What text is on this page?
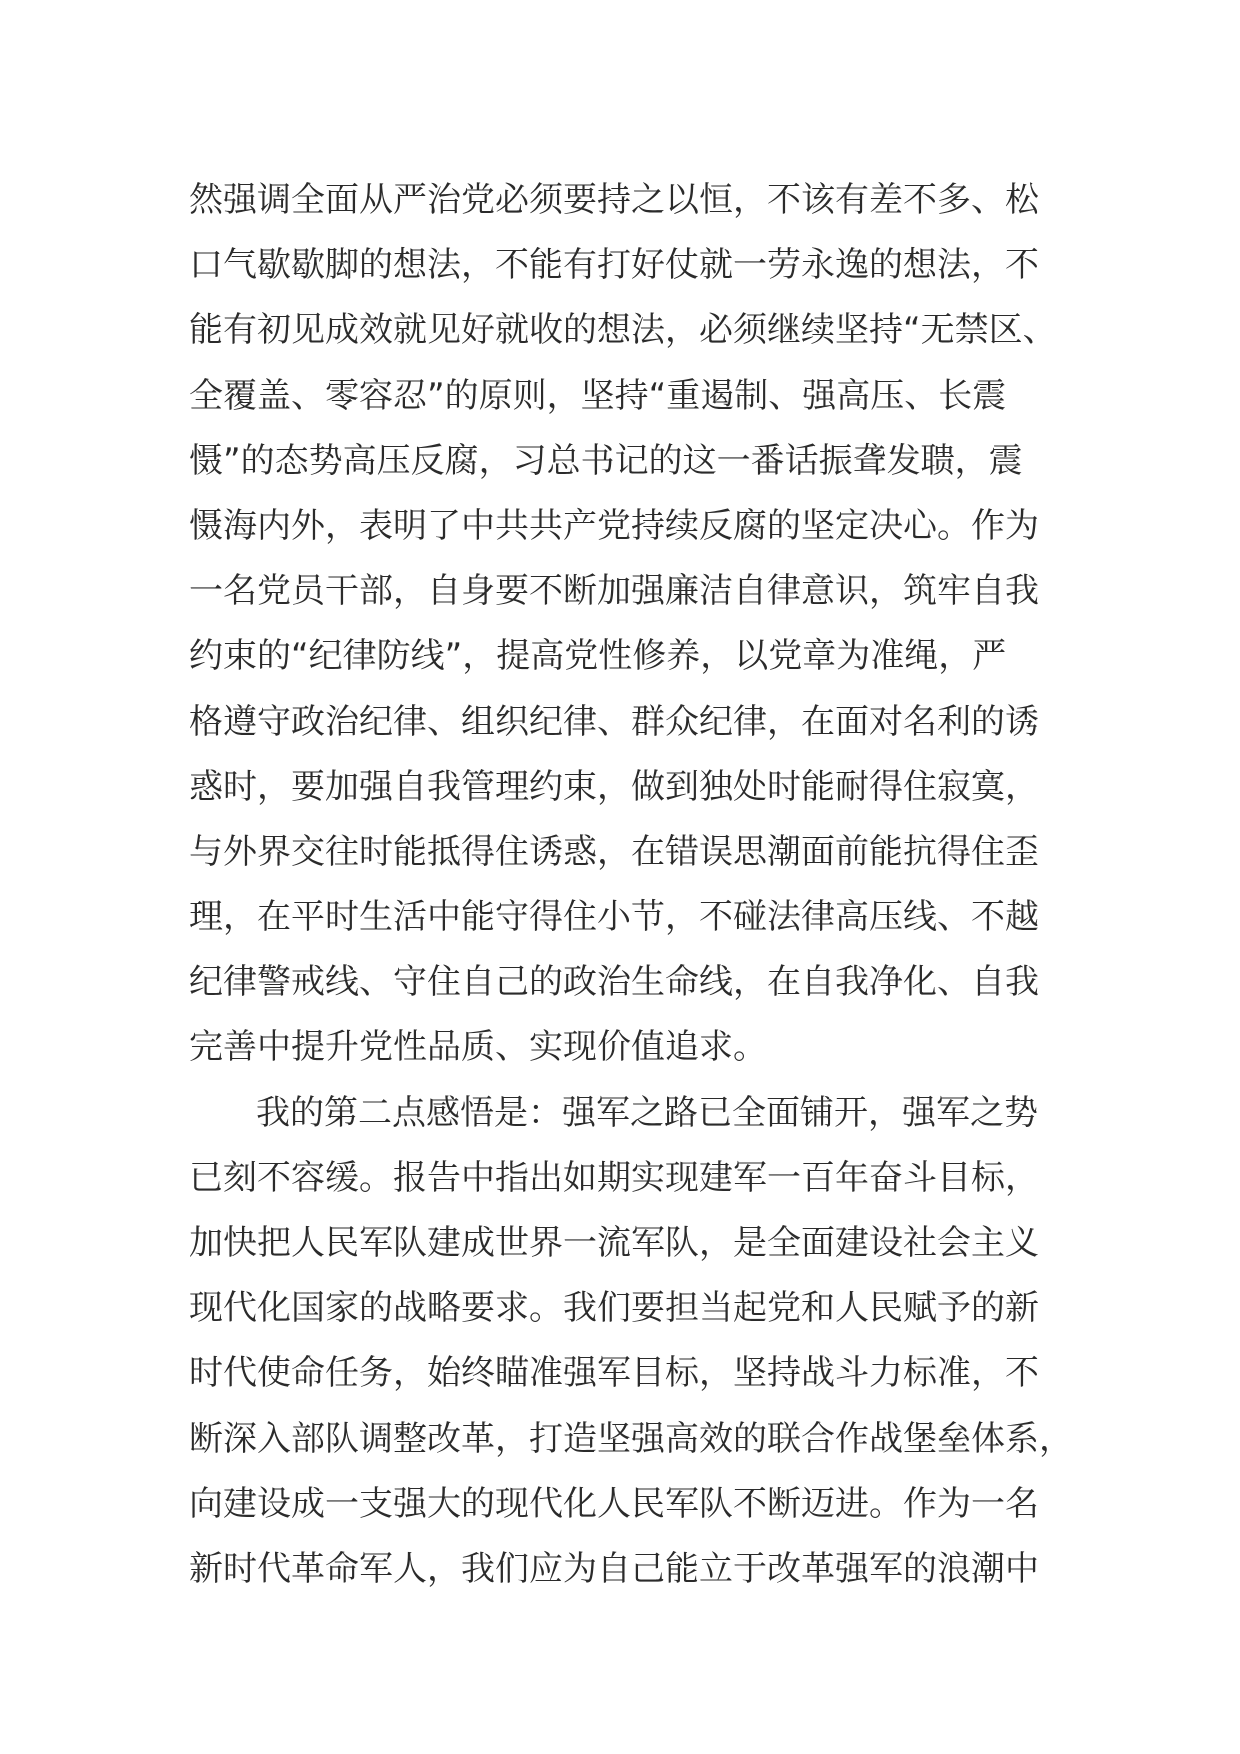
然强调全面从严治党必须要持之以恒，不该有差不多、松
口气歇歇脚的想法，不能有打好仗就一劳永逸的想法，不
能有初见成效就见好就收的想法，必须继续坚持“无禁区、
全覆盖、零容忍”的原则，坚持“重遏制、强高压、长震
慑”的态势高压反腐，习总书记的这一番话振聋发聩，震
慑海内外，表明了中共共产党持续反腐的坚定决心。作为
一名党员干部，自身要不断加强廉洁自律意识，筑牢自我
约束的“纪律防线”，提高党性修养，以党章为准绳，严
格遵守政治纪律、组织纪律、群众纪律，在面对名利的诱
惑时，要加强自我管理约束，做到独处时能耐得住寂寞，
与外界交往时能抵得住诱惑，在错误思潮面前能抗得住歪
理，在平时生活中能守得住小节，不碰法律高压线、不越
纪律警戒线、守住自己的政治生命线，在自我净化、自我
完善中提升党性品质、实现价值追求。
我的第二点感悟是：强军之路已全面铺开，强军之势
已刻不容缓。报告中指出如期实现建军一百年奋斗目标，
加快把人民军队建成世界一流军队，是全面建设社会主义
现代化国家的战略要求。我们要担当起党和人民赋予的新
时代使命任务，始终瞄准强军目标，坚持战斗力标准，不
断深入部队调整改革，打造坚强高效的联合作战堡垒体系，
向建设成一支强大的现代化人民军队不断迈进。作为一名
新时代革命军人，我们应为自己能立于改革强军的浪潮中
